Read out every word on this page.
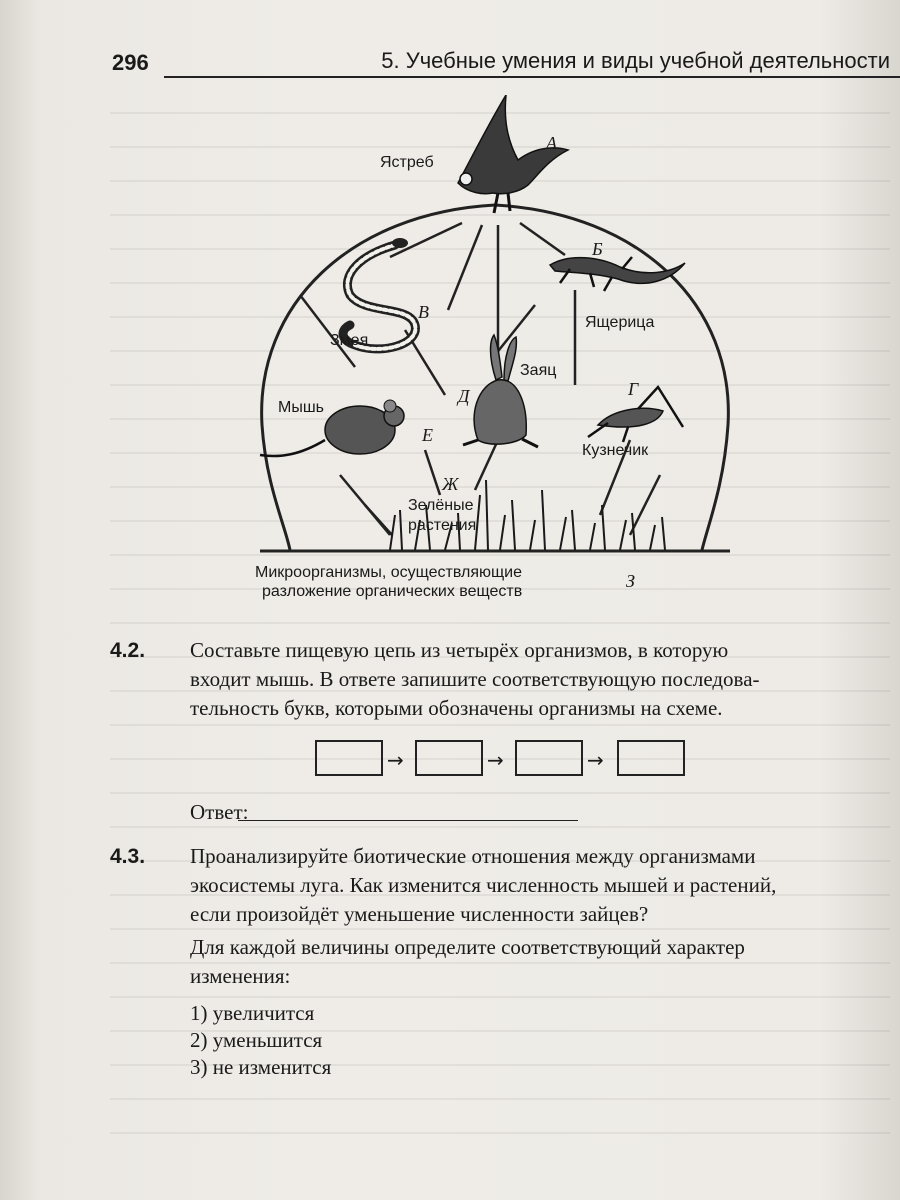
296	5. Учебные умения и виды учебной деятельности
Ястреб
Змея
Ящерица
Заяц
Мышь
Кузнечик
Зелёные
растения
Микроорганизмы, осуществляющие
разложение органических веществ
А
Б
В
Г
Д
Е
Ж
З
4.2. Составьте пищевую цепь из четырёх организмов, в которую

входит мышь. В ответе запишите соответствующую последова-

тельность букв, которыми обозначены организмы на схеме.

→	→	→
Ответ:
4.3. Проанализируйте биотические отношения между организмами

экосистемы луга. Как изменится численность мышей и растений,

если произойдёт уменьшение численности зайцев?

Для каждой величины определите соответствующий характер

изменения:

1) увеличится
2) уменьшится
3) не изменится
